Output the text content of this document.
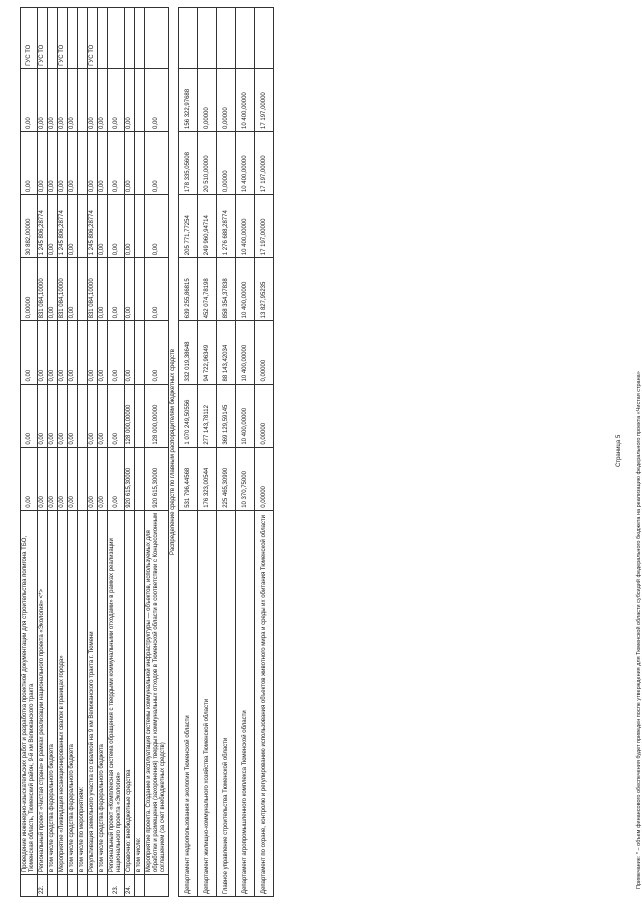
	Проведение инженерно-изыскательских работ и разработка проектной документации для строительства полигона ТБО, Тюменская область, Тюменский район, 9-й км Велижанского тракта	0,00	0,00	0,00	0,00000	30 882,00000	0,00	0,00	ГУС ТО
22.	Региональный проект «Чистая страна» в рамках реализации национального проекта «Экология» <*>	0,00	0,00	0,00	831 084,10000	1 245 806,28774	0,00	0,00	ГУС ТО
	в том числе средства федерального бюджета	0,00	0,00	0,00	0,00	0,00	0,00	0,00	
	Мероприятие «Ликвидация несанкционированных свалок в границах города»	0,00	0,00	0,00	831 084,10000	1 245 806,28774	0,00	0,00	ГУС ТО
	в том числе средства федерального бюджета	0,00	0,00	0,00	0,00	0,00	0,00	0,00	
	в том числе по мероприятиям:								
	Рекультивация земельного участка со свалкой на 9 км Велижанского тракта г. Тюмени	0,00	0,00	0,00	831 084,10000	1 245 806,28774	0,00	0,00	ГУС ТО
	в том числе средства федерального бюджета	0,00	0,00	0,00	0,00	0,00	0,00	0,00	
23.	Региональный проект «Комплексная система обращения с твердыми коммунальными отходами» в рамках реализации национального проекта «Экология»	0,00	0,00	0,00	0,00	0,00	0,00	0,00	
24.	Справочно: внебюджетные средства	920 615,30000	128 000,00000	0,00	0,00	0,00	0,00	0,00	
	в том числе:								
	Мероприятие проекта. Создание и эксплуатация системы коммунальной инфраструктуры — объектов, используемых для обработки и размещения (захоронения) твердых коммунальных отходов в Тюменской области в соответствии с Концессионным соглашением (за счет внебюджетных средств)	920 615,30000	128 000,00000	0,00	0,00	0,00	0,00	0,00	
Распределение средств по главным распорядителям бюджетных средств									
Департамент недропользования и экологии Тюменской области		531 796,44568	1 070 249,50556	332 019,38648	639 255,86815	205 771,77254	178 335,05608	156 322,97688	
Департамент жилищно-коммунального хозяйства Тюменской области		176 323,00544	277 143,78112	94 722,96349	452 074,78198	249 960,94714	20 510,00000	0,00000	
Главное управление строительства Тюменской области		225 465,30990	369 129,59145	88 143,42034	858 354,37838	1 276 688,28774	0,00000	0,00000	
Департамент агропромышленного комплекса Тюменской области		10 370,75000	10 400,00000	10 400,00000	10 400,00000	10 400,00000	10 400,00000	10 400,00000	
Департамент по охране, контролю и регулированию использования объектов животного мира и среды их обитания Тюменской области		0,00000	0,00000	0,00000	13 827,95235	17 197,00000	17 197,00000	17 197,00000	
Примечание: * – объем финансового обеспечения будет приведен после утверждения для Тюменской области субсидий федерального бюджета на реализацию федерального проекта «Чистая страна»
Страница 5
